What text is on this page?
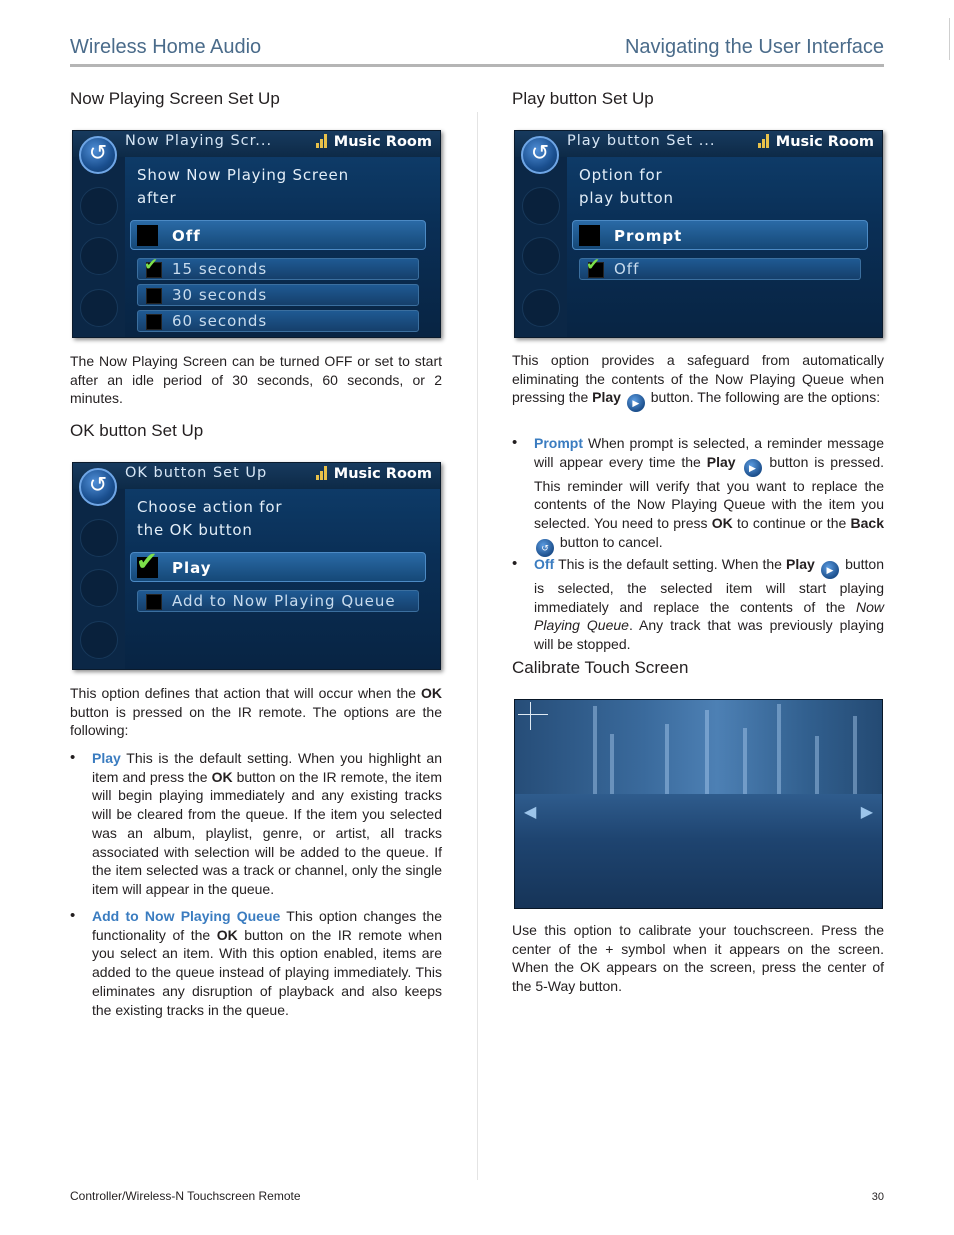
Wireless Home Audio	Navigating the User Interface
Now Playing Screen Set Up
↺	Now Playing Scr...	Music Room
Show Now Playing Screen
after
Off
✔ 15 seconds
30 seconds
60 seconds

The Now Playing Screen can be turned OFF or set to start after an idle period of 30 seconds, 60 seconds, or 2 minutes.

OK button Set Up
↺	OK button Set Up	Music Room
Choose action for
the OK button
✔ Play
Add to Now Playing Queue

This option defines that action that will occur when the OK button is pressed on the IR remote. The options are the following:

• Play This is the default setting. When you highlight an item and press the OK button on the IR remote, the item will begin playing immediately and any existing tracks will be cleared from the queue. If the item you selected was an album, playlist, genre, or artist, all tracks associated with selection will be added to the queue. If the item selected was a track or channel, only the single item will appear in the queue.

• Add to Now Playing Queue This option changes the functionality of the OK button on the IR remote when you select an item. With this option enabled, items are added to the queue instead of playing immediately. This eliminates any disruption of playback and also keeps the existing tracks in the queue.

Play button Set Up
↺	Play button Set ...	Music Room
Option for
play button
Prompt
✔ Off

This option provides a safeguard from automatically eliminating the contents of the Now Playing Queue when pressing the Play ▶ button. The following are the options:

• Prompt When prompt is selected, a reminder message will appear every time the Play ▶ button is pressed. This reminder will verify that you want to replace the contents of the Now Playing Queue with the item you selected. You need to press OK to continue or the Back ↺ button to cancel.

• Off This is the default setting. When the Play ▶ button is selected, the selected item will start playing immediately and replace the contents of the Now Playing Queue. Any track that was previously playing will be stopped.

Calibrate Touch Screen
◀	▶

Use this option to calibrate your touchscreen. Press the center of the + symbol when it appears on the screen. When the OK appears on the screen, press the center of the 5-Way button.

Controller/Wireless-N Touchscreen Remote	30
